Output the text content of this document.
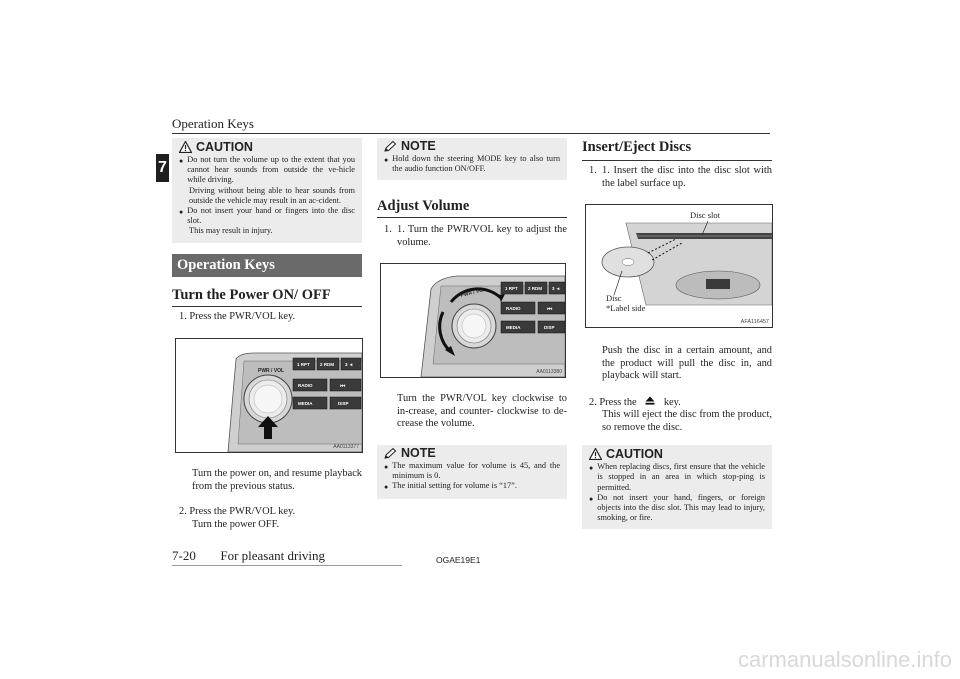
Operation Keys
7
CAUTION
● Do not turn the volume up to the extent that you cannot hear sounds from outside the ve-hicle while driving.
Driving without being able to hear sounds from outside the vehicle may result in an ac-cident.
● Do not insert your hand or fingers into the disc slot.
This may result in injury.
Operation Keys
Turn the Power ON/ OFF
1. Press the PWR/VOL key.
PWR / VOL
1 RPT 2 RDM 3 ◄
RADIO	⏮
MEDIA	DISP
AA0113377
Turn the power on, and resume playback from the previous status.
2. Press the PWR/VOL key.
Turn the power OFF.
NOTE
● Hold down the steering MODE key to also turn the audio function ON/OFF.
Adjust Volume
1. 1. Turn the PWR/VOL key to adjust the volume.
PWR / VOL	1 RPT 2 RDM 3 ◄
RADIO	⏮
MEDIA	DISP
AA0113380
Turn the PWR/VOL key clockwise to in-crease, and counter- clockwise to de-crease the volume.
NOTE
● The maximum value for volume is 45, and the minimum is 0.
● The initial setting for volume is “17”.
Insert/Eject Discs
1. 1. Insert the disc into the disc slot with the label surface up.
Disc slot
Disc
*Label side
AFA116457
Push the disc in a certain amount, and the product will pull the disc in, and playback will start.
2. Press the	key.
This will eject the disc from the product, so remove the disc.
CAUTION
● When replacing discs, first ensure that the vehicle is stopped in an area in which stop-ping is permitted.
● Do not insert your hand, fingers, or foreign objects into the disc slot. This may lead to injury, smoking, or fire.
7-20 For pleasant driving	OGAE19E1
carmanualsonline.info
